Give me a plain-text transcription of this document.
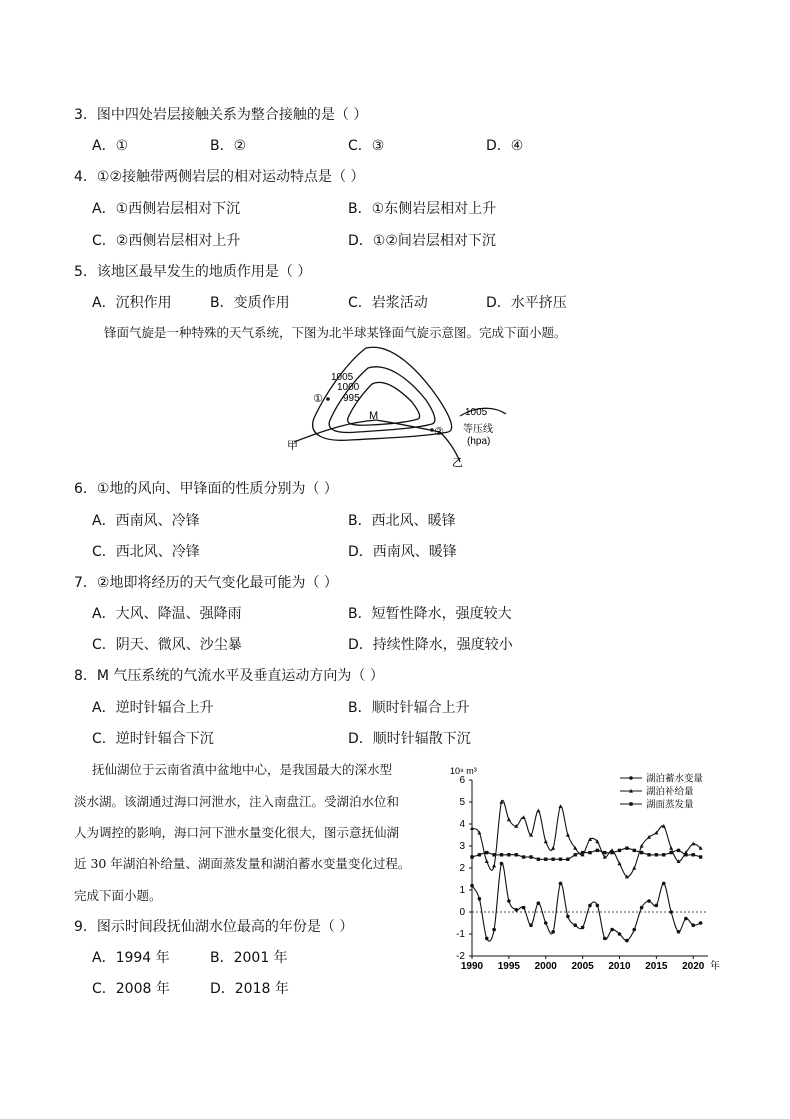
3．图中四处岩层接触关系为整合接触的是（ ）
A．①	B．②	C．③	D．④
4．①②接触带两侧岩层的相对运动特点是（ ）
A．①西侧岩层相对下沉	B．①东侧岩层相对上升
C．②西侧岩层相对上升	D．①②间岩层相对下沉
5．该地区最早发生的地质作用是（ ）
A．沉积作用	B．变质作用	C．岩浆活动	D．水平挤压
锋面气旋是一种特殊的天气系统，下图为北半球某锋面气旋示意图。完成下面小题。
1005
1000
995
M
①
②
甲
乙
1005
等压线
(hpa)
6．①地的风向、甲锋面的性质分别为（ ）
A．西南风、冷锋	B．西北风、暖锋
C．西北风、冷锋	D．西南风、暖锋
7．②地即将经历的天气变化最可能为（ ）
A．大风、降温、强降雨	B．短暂性降水，强度较大
C．阴天、微风、沙尘暴	D．持续性降水，强度较小
8．M 气压系统的气流水平及垂直运动方向为（ ）
A．逆时针辐合上升	B．顺时针辐合上升
C．逆时针辐合下沉	D．顺时针辐散下沉
抚仙湖位于云南省滇中盆地中心，是我国最大的深水型
淡水湖。该湖通过海口河泄水，注入南盘江。受湖泊水位和
人为调控的影响，海口河下泄水量变化很大，图示意抚仙湖
近 30 年湖泊补给量、湖面蒸发量和湖泊蓄水变量变化过程。
完成下面小题。
9．图示时间段抚仙湖水位最高的年份是（ ）
A．1994 年	B．2001 年
C．2008 年	D．2018 年
-2
-1
0
1
2
3
4
5
6
1990 1995 2000 2005 2010 2015 2020
10⁸ m³
年
湖泊蓄水变量
湖泊补给量
湖面蒸发量
